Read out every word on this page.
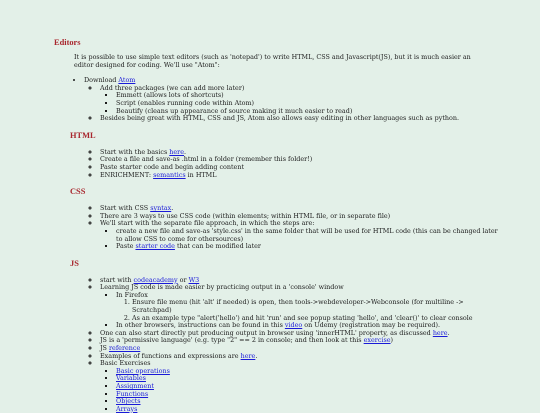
Editors

It is possible to use simple text editors (such as 'notepad') to write HTML, CSS and Javascript(JS), but it is much easier an editor designed for coding. We'll use "Atom":

• Download Atom
◦ Add three packages (we can add more later)
▪ Emmett (allows lots of shortcuts)
▪ Script (enables running code within Atom)
▪ Beautify (cleans up appearance of source making it much easier to read)
◦ Besides being great with HTML, CSS and JS, Atom also allows easy editing in other languages such as python.
HTML
◦ Start with the basics here.
◦ Create a file and save-as .html in a folder (remember this folder!)
◦ Paste starter code and begin adding content
◦ ENRICHMENT: semantics in HTML
CSS
◦ Start with CSS syntax.
◦ There are 3 ways to use CSS code (within elements; within HTML file, or in separate file)
◦ We'll start with the separate file approach, in which the steps are:
▪ create a new file and save-as 'style.css' in the same folder that will be used for HTML code (this can be changed later to allow CSS to come for othersources)
▪ Paste starter code that can be modified later
JS
◦ start with codeacademy or W3
◦ Learning JS code is made easier by practicing output in a 'console' window
▪ In Firefox
1. Ensure file menu (hit 'alt' if needed) is open, then tools->webdeveloper->Webconsole (for multiline -> Scratchpad)
2. As an example type "alert('hello') and hit 'run' and see popup stating 'hello', and 'clear()' to clear console
▪ In other browsers, instructions can be found in this video on Udemy (registration may be required).
◦ One can also start directly put producing output in browser using 'innerHTML' property, as discussed here.
◦ JS is a 'permissive language' (e.g. type "2" == 2 in console; and then look at this exercise)
◦ JS reference
◦ Examples of functions and expressions are here.
◦ Basic Exercises
▪ Basic operations
▪ Variables
▪ Assignment
▪ Functions
▪ Objects
▪ Arrays
